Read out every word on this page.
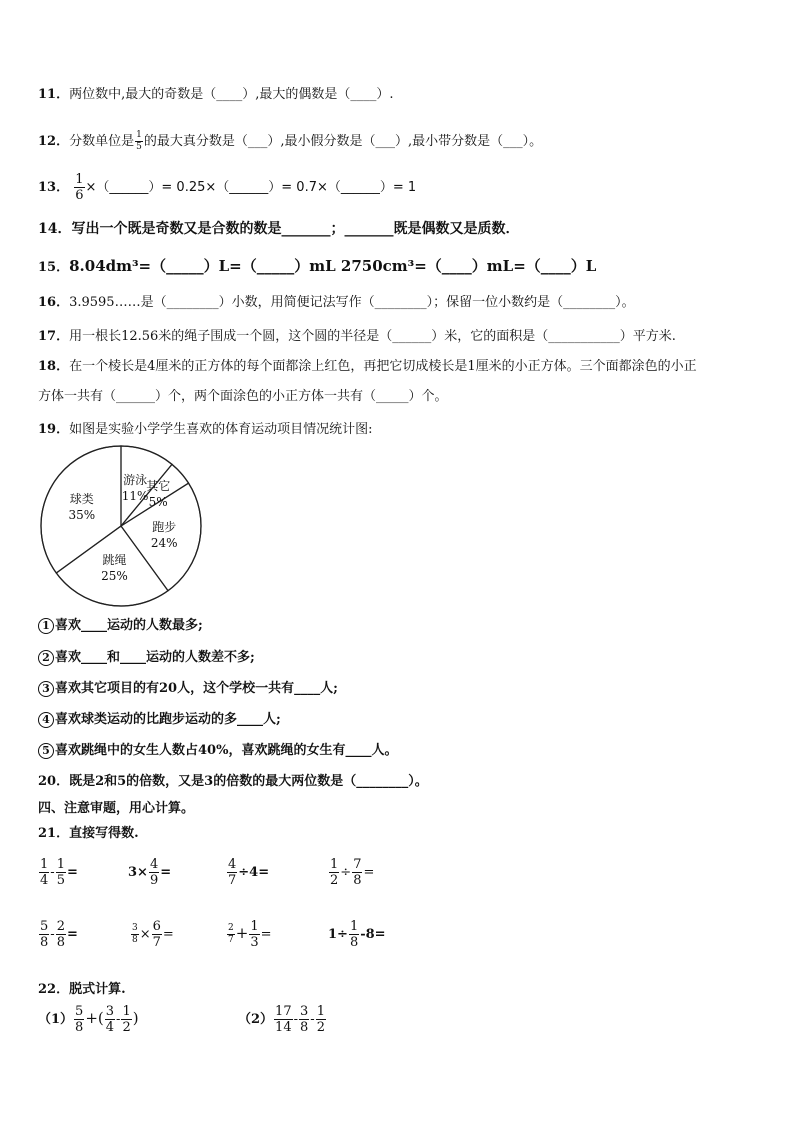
11．两位数中,最大的奇数是（____）,最大的偶数是（____）.
12．分数单位是 $\frac{1}{5}$ 的最大真分数是（___）,最小假分数是（___）,最小带分数是（___）。
13． $\frac{1}{6}$ ×（______）= 0.25×（______）= 0.7×（______）= 1
14．写出一个既是奇数又是合数的数是_______；_______既是偶数又是质数．
15．8.04dm³=（_____）L=（_____）mL 2750cm³=（____）mL=（____）L
16．3.9595……是（________）小数，用简便记法写作（________）；保留一位小数约是（________）。
17．用一根长12.56米的绳子围成一个圆，这个圆的半径是（______）米，它的面积是（___________）平方米.
18．在一个棱长是4厘米的正方体的每个面都涂上红色，再把它切成棱长是1厘米的小正方体。三个面都涂色的小正
方体一共有（______）个，两个面涂色的小正方体一共有（_____）个。
19．如图是实验小学学生喜欢的体育运动项目情况统计图:
游泳
11%
其它
5%
跑步
24%
跳绳
25%
球类
35%
1 喜欢____运动的人数最多;
2 喜欢____和____运动的人数差不多;
3 喜欢其它项目的有20人，这个学校一共有____人;
4 喜欢球类运动的比跑步运动的多____人;
5 喜欢跳绳中的女生人数占40%，喜欢跳绳的女生有____人。
20．既是2和5的倍数，又是3的倍数的最大两位数是（________）。
四、注意审题，用心计算。
21．直接写得数.
$\frac{1}{4} - \frac{1}{5}$ =	$3\times \frac{4}{9}$ =	$\frac{4}{7} \div 4=$	$\frac{1}{2} \div \frac{7}{8}$ =
$\frac{5}{8} - \frac{2}{8}$ =	$\frac{3}{8} \times \frac{6}{7}$ =	$\frac{2}{7} + \frac{1}{3}$ =	$1\div \frac{1}{8} -8=$
22．脱式计算.
$(1) \frac{5}{8}$ +( $\frac{3}{4} - \frac{1}{2}$ )	$(2) \frac{17}{14} - \frac{3}{8} - \frac{1}{2}$
